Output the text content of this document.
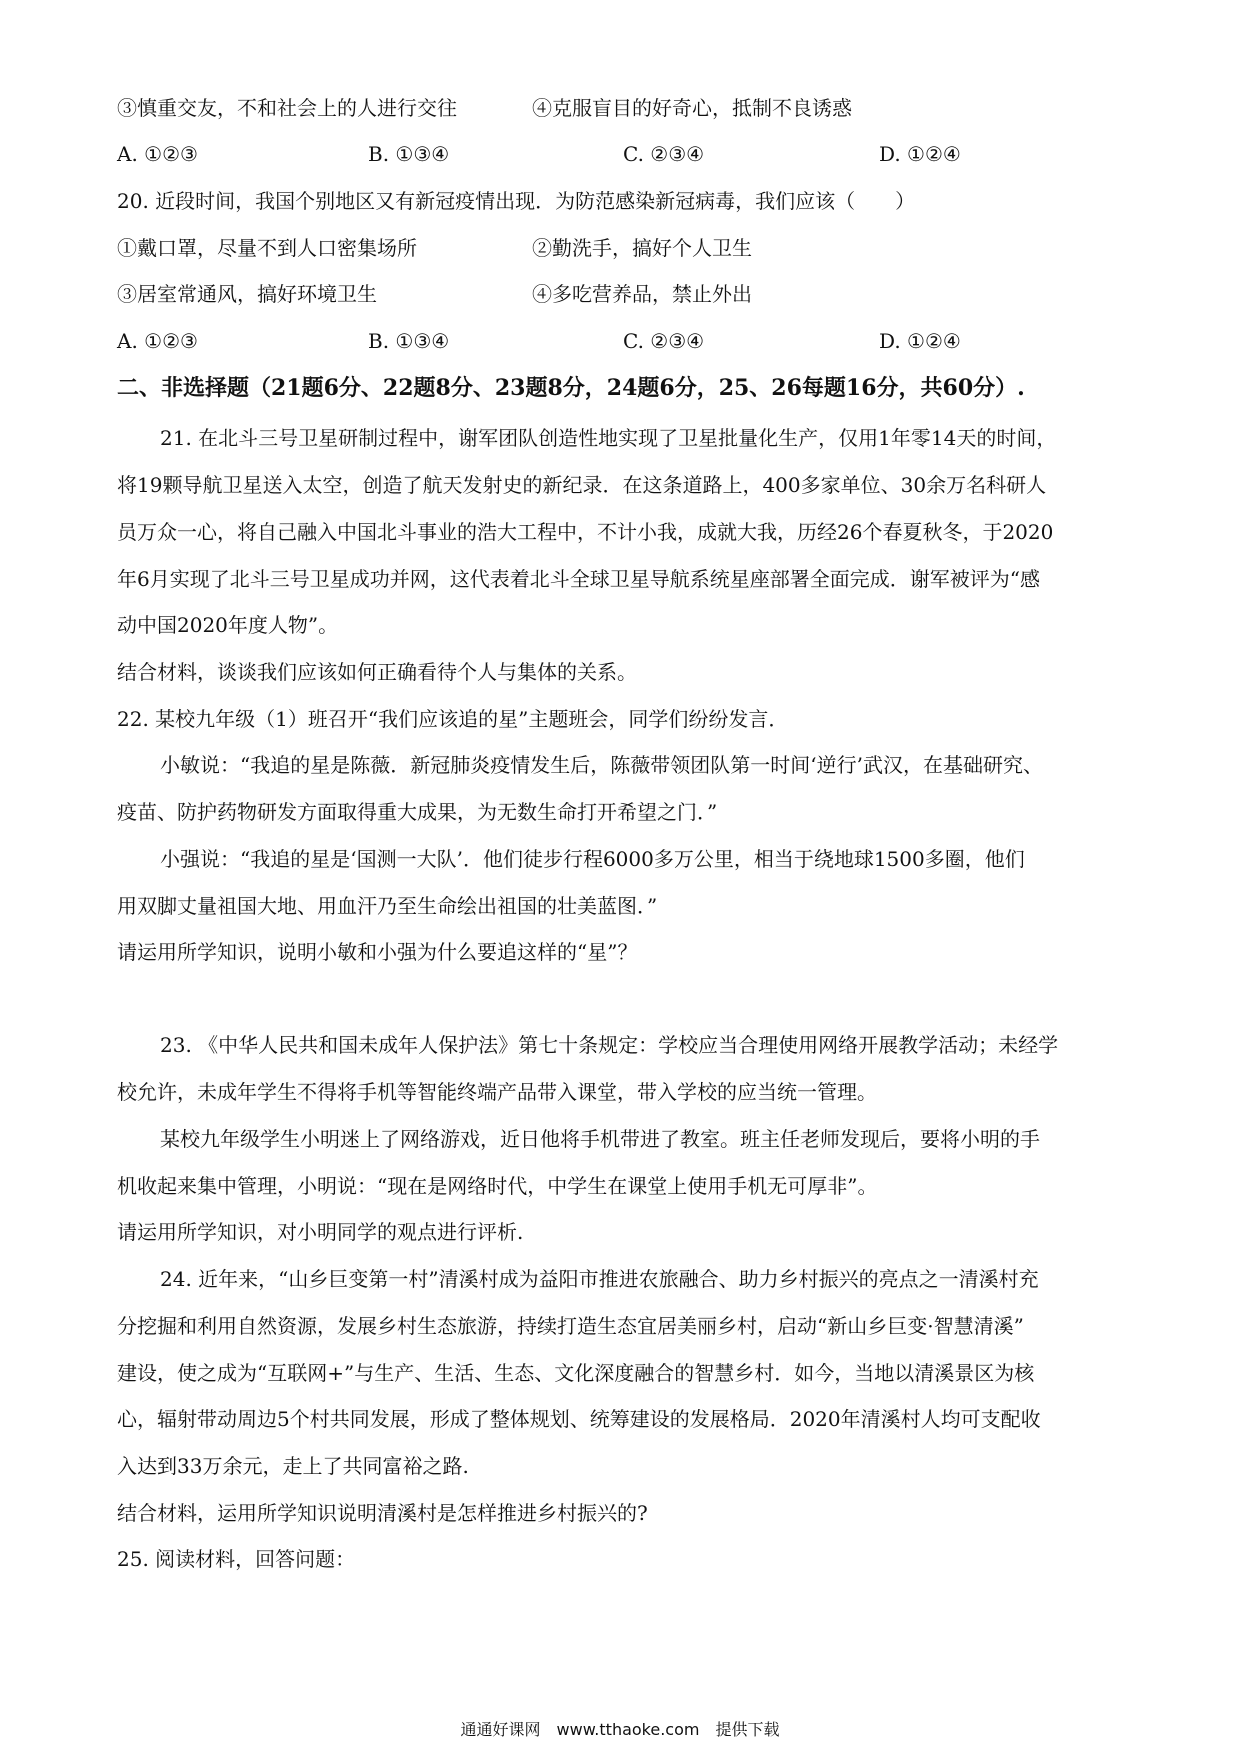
③慎重交友，不和社会上的人进行交往	④克服盲目的好奇心，抵制不良诱惑
A. ①②③	B. ①③④	C. ②③④	D. ①②④
20. 近段时间，我国个别地区又有新冠疫情出现．为防范感染新冠病毒，我们应该（　　）
①戴口罩，尽量不到人口密集场所	②勤洗手，搞好个人卫生
③居室常通风，搞好环境卫生	④多吃营养品，禁止外出
A. ①②③	B. ①③④	C. ②③④	D. ①②④
二、非选择题（21题6分、22题8分、23题8分，24题6分，25、26每题16分，共60分）.
21. 在北斗三号卫星研制过程中，谢军团队创造性地实现了卫星批量化生产，仅用1年零14天的时间，
将19颗导航卫星送入太空，创造了航天发射史的新纪录．在这条道路上，400多家单位、30余万名科研人
员万众一心，将自己融入中国北斗事业的浩大工程中，不计小我，成就大我，历经26个春夏秋冬，于2020
年6月实现了北斗三号卫星成功并网，这代表着北斗全球卫星导航系统星座部署全面完成．谢军被评为“感
动中国2020年度人物”。
结合材料，谈谈我们应该如何正确看待个人与集体的关系。
22. 某校九年级（1）班召开“我们应该追的星”主题班会，同学们纷纷发言．
小敏说：“我追的星是陈薇．新冠肺炎疫情发生后，陈薇带领团队第一时间‘逆行’武汉，在基础研究、
疫苗、防护药物研发方面取得重大成果，为无数生命打开希望之门．”
小强说：“我追的星是‘国测一大队’．他们徒步行程6000多万公里，相当于绕地球1500多圈，他们
用双脚丈量祖国大地、用血汗乃至生命绘出祖国的壮美蓝图．”
请运用所学知识，说明小敏和小强为什么要追这样的“星”？
23. 《中华人民共和国未成年人保护法》第七十条规定：学校应当合理使用网络开展教学活动；未经学
校允许，未成年学生不得将手机等智能终端产品带入课堂，带入学校的应当统一管理。
某校九年级学生小明迷上了网络游戏，近日他将手机带进了教室。班主任老师发现后，要将小明的手
机收起来集中管理，小明说：“现在是网络时代，中学生在课堂上使用手机无可厚非”。
请运用所学知识，对小明同学的观点进行评析.
24. 近年来，“山乡巨变第一村”清溪村成为益阳市推进农旅融合、助力乡村振兴的亮点之一清溪村充
分挖掘和利用自然资源，发展乡村生态旅游，持续打造生态宜居美丽乡村，启动“新山乡巨变·智慧清溪”
建设，使之成为“互联网+”与生产、生活、生态、文化深度融合的智慧乡村．如今，当地以清溪景区为核
心，辐射带动周边5个村共同发展，形成了整体规划、统筹建设的发展格局．2020年清溪村人均可支配收
入达到33万余元，走上了共同富裕之路.
结合材料，运用所学知识说明清溪村是怎样推进乡村振兴的?
25. 阅读材料，回答问题：
通通好课网　www.tthaoke.com　提供下载
